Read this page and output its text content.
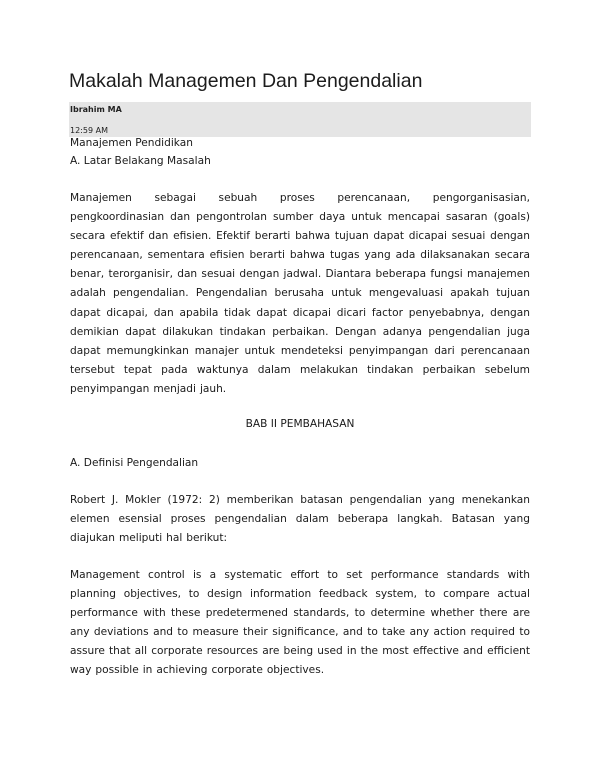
Makalah Managemen Dan Pengendalian
Ibrahim MA
12:59 AM
Manajemen Pendidikan
A. Latar Belakang Masalah
Manajemen sebagai sebuah proses perencanaan, pengorganisasian, pengkoordinasian dan pengontrolan sumber daya untuk mencapai sasaran (goals) secara efektif dan efisien. Efektif berarti bahwa tujuan dapat dicapai sesuai dengan perencanaan, sementara efisien berarti bahwa tugas yang ada dilaksanakan secara benar, terorganisir, dan sesuai dengan jadwal. Diantara beberapa fungsi manajemen adalah pengendalian. Pengendalian berusaha untuk mengevaluasi apakah tujuan dapat dicapai, dan apabila tidak dapat dicapai dicari factor penyebabnya, dengan demikian dapat dilakukan tindakan perbaikan. Dengan adanya pengendalian juga dapat memungkinkan manajer untuk mendeteksi penyimpangan dari perencanaan tersebut tepat pada waktunya dalam melakukan tindakan perbaikan sebelum penyimpangan menjadi jauh.
BAB II PEMBAHASAN
A. Definisi Pengendalian
Robert J. Mokler (1972: 2) memberikan batasan pengendalian yang menekankan elemen esensial proses pengendalian dalam beberapa langkah. Batasan yang diajukan meliputi hal berikut:
Management control is a systematic effort to set performance standards with planning objectives, to design information feedback system, to compare actual performance with these predetermened standards, to determine whether there are any deviations and to measure their significance, and to take any action required to assure that all corporate resources are being used in the most effective and efficient way possible in achieving corporate objectives.
